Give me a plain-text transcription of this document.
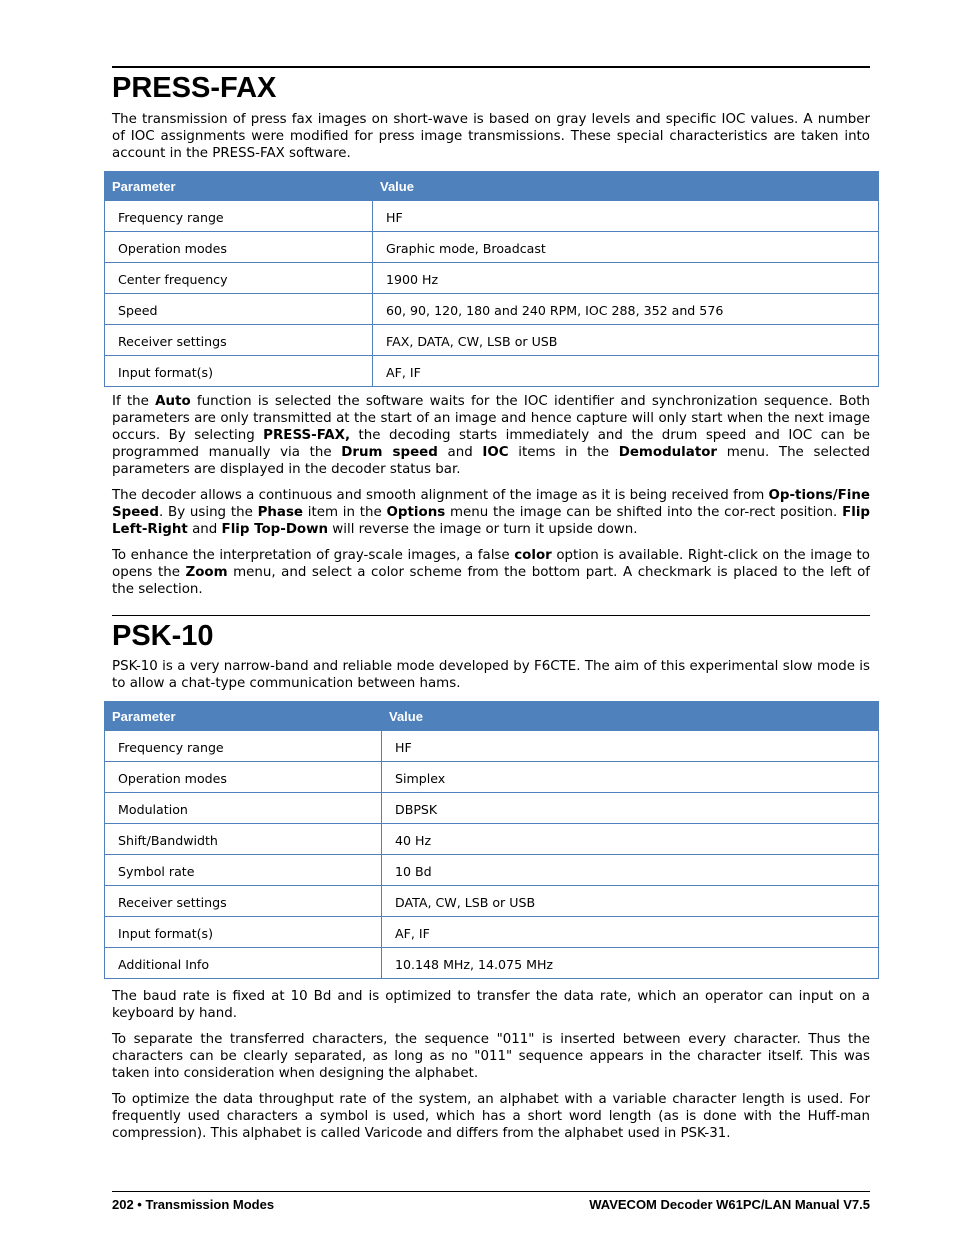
PRESS-FAX

The transmission of press fax images on short-wave is based on gray levels and specific IOC values. A number of IOC assignments were modified for press image transmissions. These special characteristics are taken into account in the PRESS-FAX software.

Parameter	Value
Frequency range	HF
Operation modes	Graphic mode, Broadcast
Center frequency	1900 Hz
Speed	60, 90, 120, 180 and 240 RPM, IOC 288, 352 and 576
Receiver settings	FAX, DATA, CW, LSB or USB
Input format(s)	AF, IF

If the Auto function is selected the software waits for the IOC identifier and synchronization sequence. Both parameters are only transmitted at the start of an image and hence capture will only start when the next image occurs. By selecting PRESS-FAX, the decoding starts immediately and the drum speed and IOC can be programmed manually via the Drum speed and IOC items in the Demodulator menu. The selected parameters are displayed in the decoder status bar.

The decoder allows a continuous and smooth alignment of the image as it is being received from Op-tions/Fine Speed. By using the Phase item in the Options menu the image can be shifted into the cor-rect position. Flip Left-Right and Flip Top-Down will reverse the image or turn it upside down.

To enhance the interpretation of gray-scale images, a false color option is available. Right-click on the image to opens the Zoom menu, and select a color scheme from the bottom part. A checkmark is placed to the left of the selection.

PSK-10

PSK-10 is a very narrow-band and reliable mode developed by F6CTE. The aim of this experimental slow mode is to allow a chat-type communication between hams.

Parameter	Value
Frequency range	HF
Operation modes	Simplex
Modulation	DBPSK
Shift/Bandwidth	40 Hz
Symbol rate	10 Bd
Receiver settings	DATA, CW, LSB or USB
Input format(s)	AF, IF
Additional Info	10.148 MHz, 14.075 MHz

The baud rate is fixed at 10 Bd and is optimized to transfer the data rate, which an operator can input on a keyboard by hand.

To separate the transferred characters, the sequence "011" is inserted between every character. Thus the characters can be clearly separated, as long as no "011" sequence appears in the character itself. This was taken into consideration when designing the alphabet.

To optimize the data throughput rate of the system, an alphabet with a variable character length is used. For frequently used characters a symbol is used, which has a short word length (as is done with the Huff-man compression). This alphabet is called Varicode and differs from the alphabet used in PSK-31.

202 • Transmission Modes	WAVECOM Decoder W61PC/LAN Manual V7.5
